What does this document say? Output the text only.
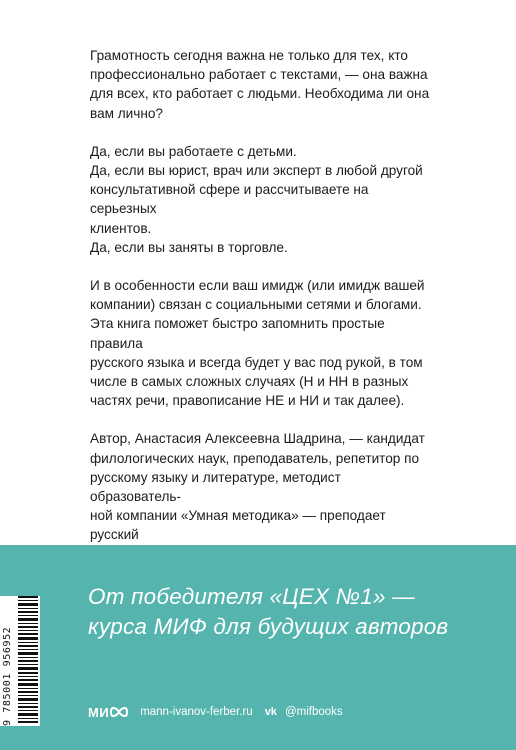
Грамотность сегодня важна не только для тех, кто
профессионально работает с текстами, — она важна
для всех, кто работает с людьми. Необходима ли она
вам лично?

Да, если вы работаете с детьми.
Да, если вы юрист, врач или эксперт в любой другой
консультативной сфере и рассчитываете на серьезных
клиентов.
Да, если вы заняты в торговле.

И в особенности если ваш имидж (или имидж вашей
компании) связан с социальными сетями и блогами.
Эта книга поможет быстро запомнить простые правила
русского языка и всегда будет у вас под рукой, в том
числе в самых сложных случаях (Н и НН в разных
частях речи, правописание НЕ и НИ и так далее).

Автор, Анастасия Алексеевна Шадрина, — кандидат
филологических наук, преподаватель, репетитор по
русскому языку и литературе, методист образователь-
ной компании «Умная методика» — преподает русский

От победителя «ЦЕХ №1» —
курса МИФ для будущих авторов
9 785001 956952	МИ	mann-ivanov-ferber.ru vk @mifbooks
